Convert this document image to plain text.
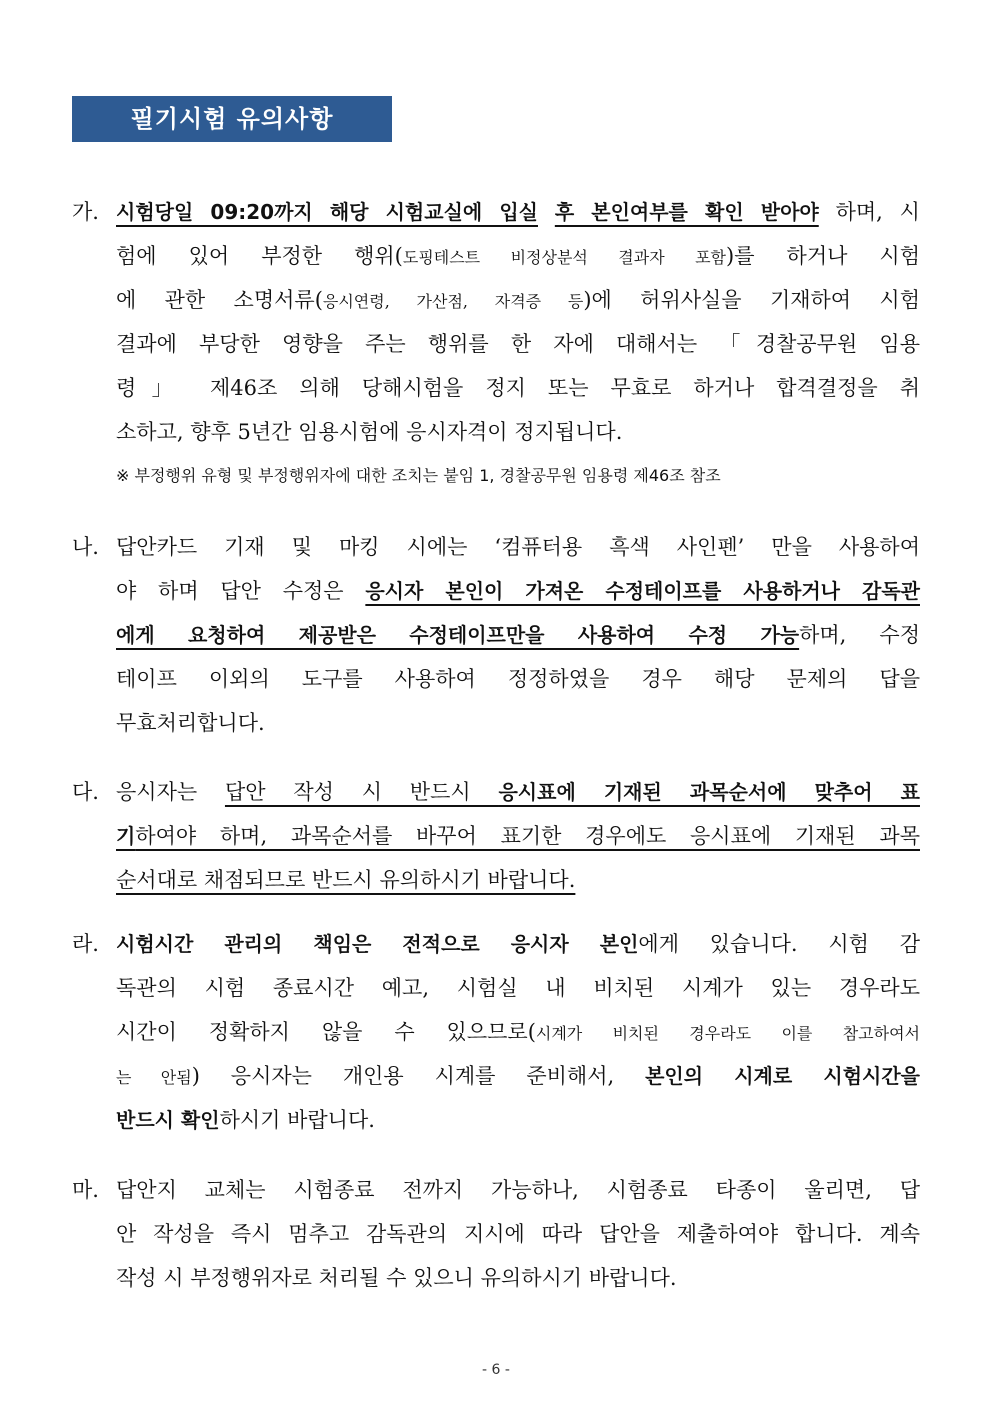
필기시험 유의사항
가. 시험당일 09:20까지 해당 시험교실에 입실 후 본인여부를 확인 받아야 하며, 시
험에 있어 부정한 행위(도핑테스트 비정상분석 결과자 포함)를 하거나 시험
에 관한 소명서류(응시연령, 가산점, 자격증 등)에 허위사실을 기재하여 시험
결과에 부당한 영향을 주는 행위를 한 자에 대해서는 「경찰공무원 임용
령」 제46조 의해 당해시험을 정지 또는 무효로 하거나 합격결정을 취
소하고, 향후 5년간 임용시험에 응시자격이 정지됩니다.
※ 부정행위 유형 및 부정행위자에 대한 조치는 붙임 1, 경찰공무원 임용령 제46조 참조
나. 답안카드 기재 및 마킹 시에는 ‘컴퓨터용 흑색 사인펜’ 만을 사용하여
야 하며 답안 수정은 응시자 본인이 가져온 수정테이프를 사용하거나 감독관
에게 요청하여 제공받은 수정테이프만을 사용하여 수정 가능하며, 수정
테이프 이외의 도구를 사용하여 정정하였을 경우 해당 문제의 답을
무효처리합니다.
다. 응시자는 답안 작성 시 반드시 응시표에 기재된 과목순서에 맞추어 표
기하여야 하며, 과목순서를 바꾸어 표기한 경우에도 응시표에 기재된 과목
순서대로 채점되므로 반드시 유의하시기 바랍니다.
라. 시험시간 관리의 책임은 전적으로 응시자 본인에게 있습니다. 시험 감
독관의 시험 종료시간 예고, 시험실 내 비치된 시계가 있는 경우라도
시간이 정확하지 않을 수 있으므로(시계가 비치된 경우라도 이를 참고하여서
는 안됨) 응시자는 개인용 시계를 준비해서, 본인의 시계로 시험시간을
반드시 확인하시기 바랍니다.
마. 답안지 교체는 시험종료 전까지 가능하나, 시험종료 타종이 울리면, 답
안 작성을 즉시 멈추고 감독관의 지시에 따라 답안을 제출하여야 합니다. 계속
작성 시 부정행위자로 처리될 수 있으니 유의하시기 바랍니다.
- 6 -
